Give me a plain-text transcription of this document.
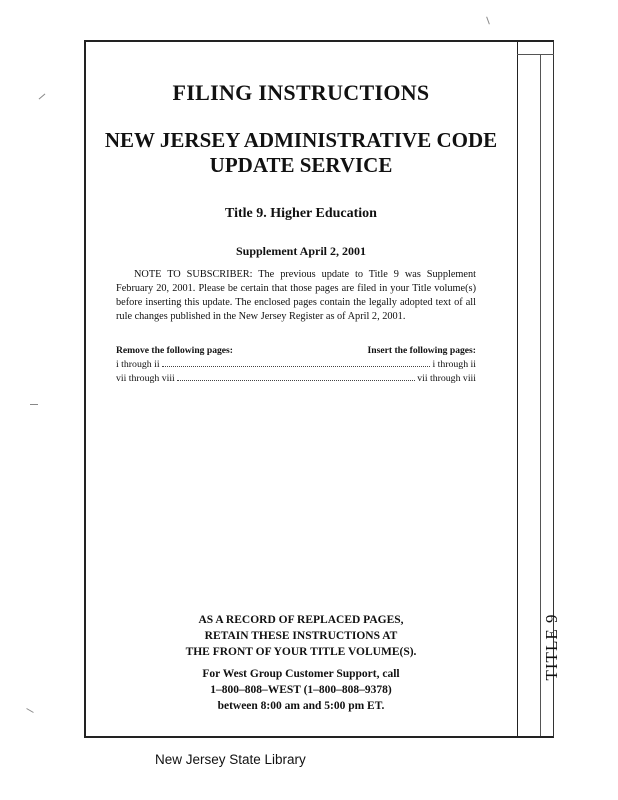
TITLE 9
FILING INSTRUCTIONS
NEW JERSEY ADMINISTRATIVE CODE
UPDATE SERVICE
Title 9. Higher Education
Supplement April 2, 2001
NOTE TO SUBSCRIBER: The previous update to Title 9 was Supplement February 20, 2001. Please be certain that those pages are filed in your Title volume(s) before inserting this update. The enclosed pages contain the legally adopted text of all rule changes published in the New Jersey Register as of April 2, 2001.
Remove the following pages:	Insert the following pages:
i through ii	i through ii
vii through viii	vii through viii
AS A RECORD OF REPLACED PAGES,
RETAIN THESE INSTRUCTIONS AT
THE FRONT OF YOUR TITLE VOLUME(S).
For West Group Customer Support, call
1–800–808–WEST (1–800–808–9378)
between 8:00 am and 5:00 pm ET.
New Jersey State Library
